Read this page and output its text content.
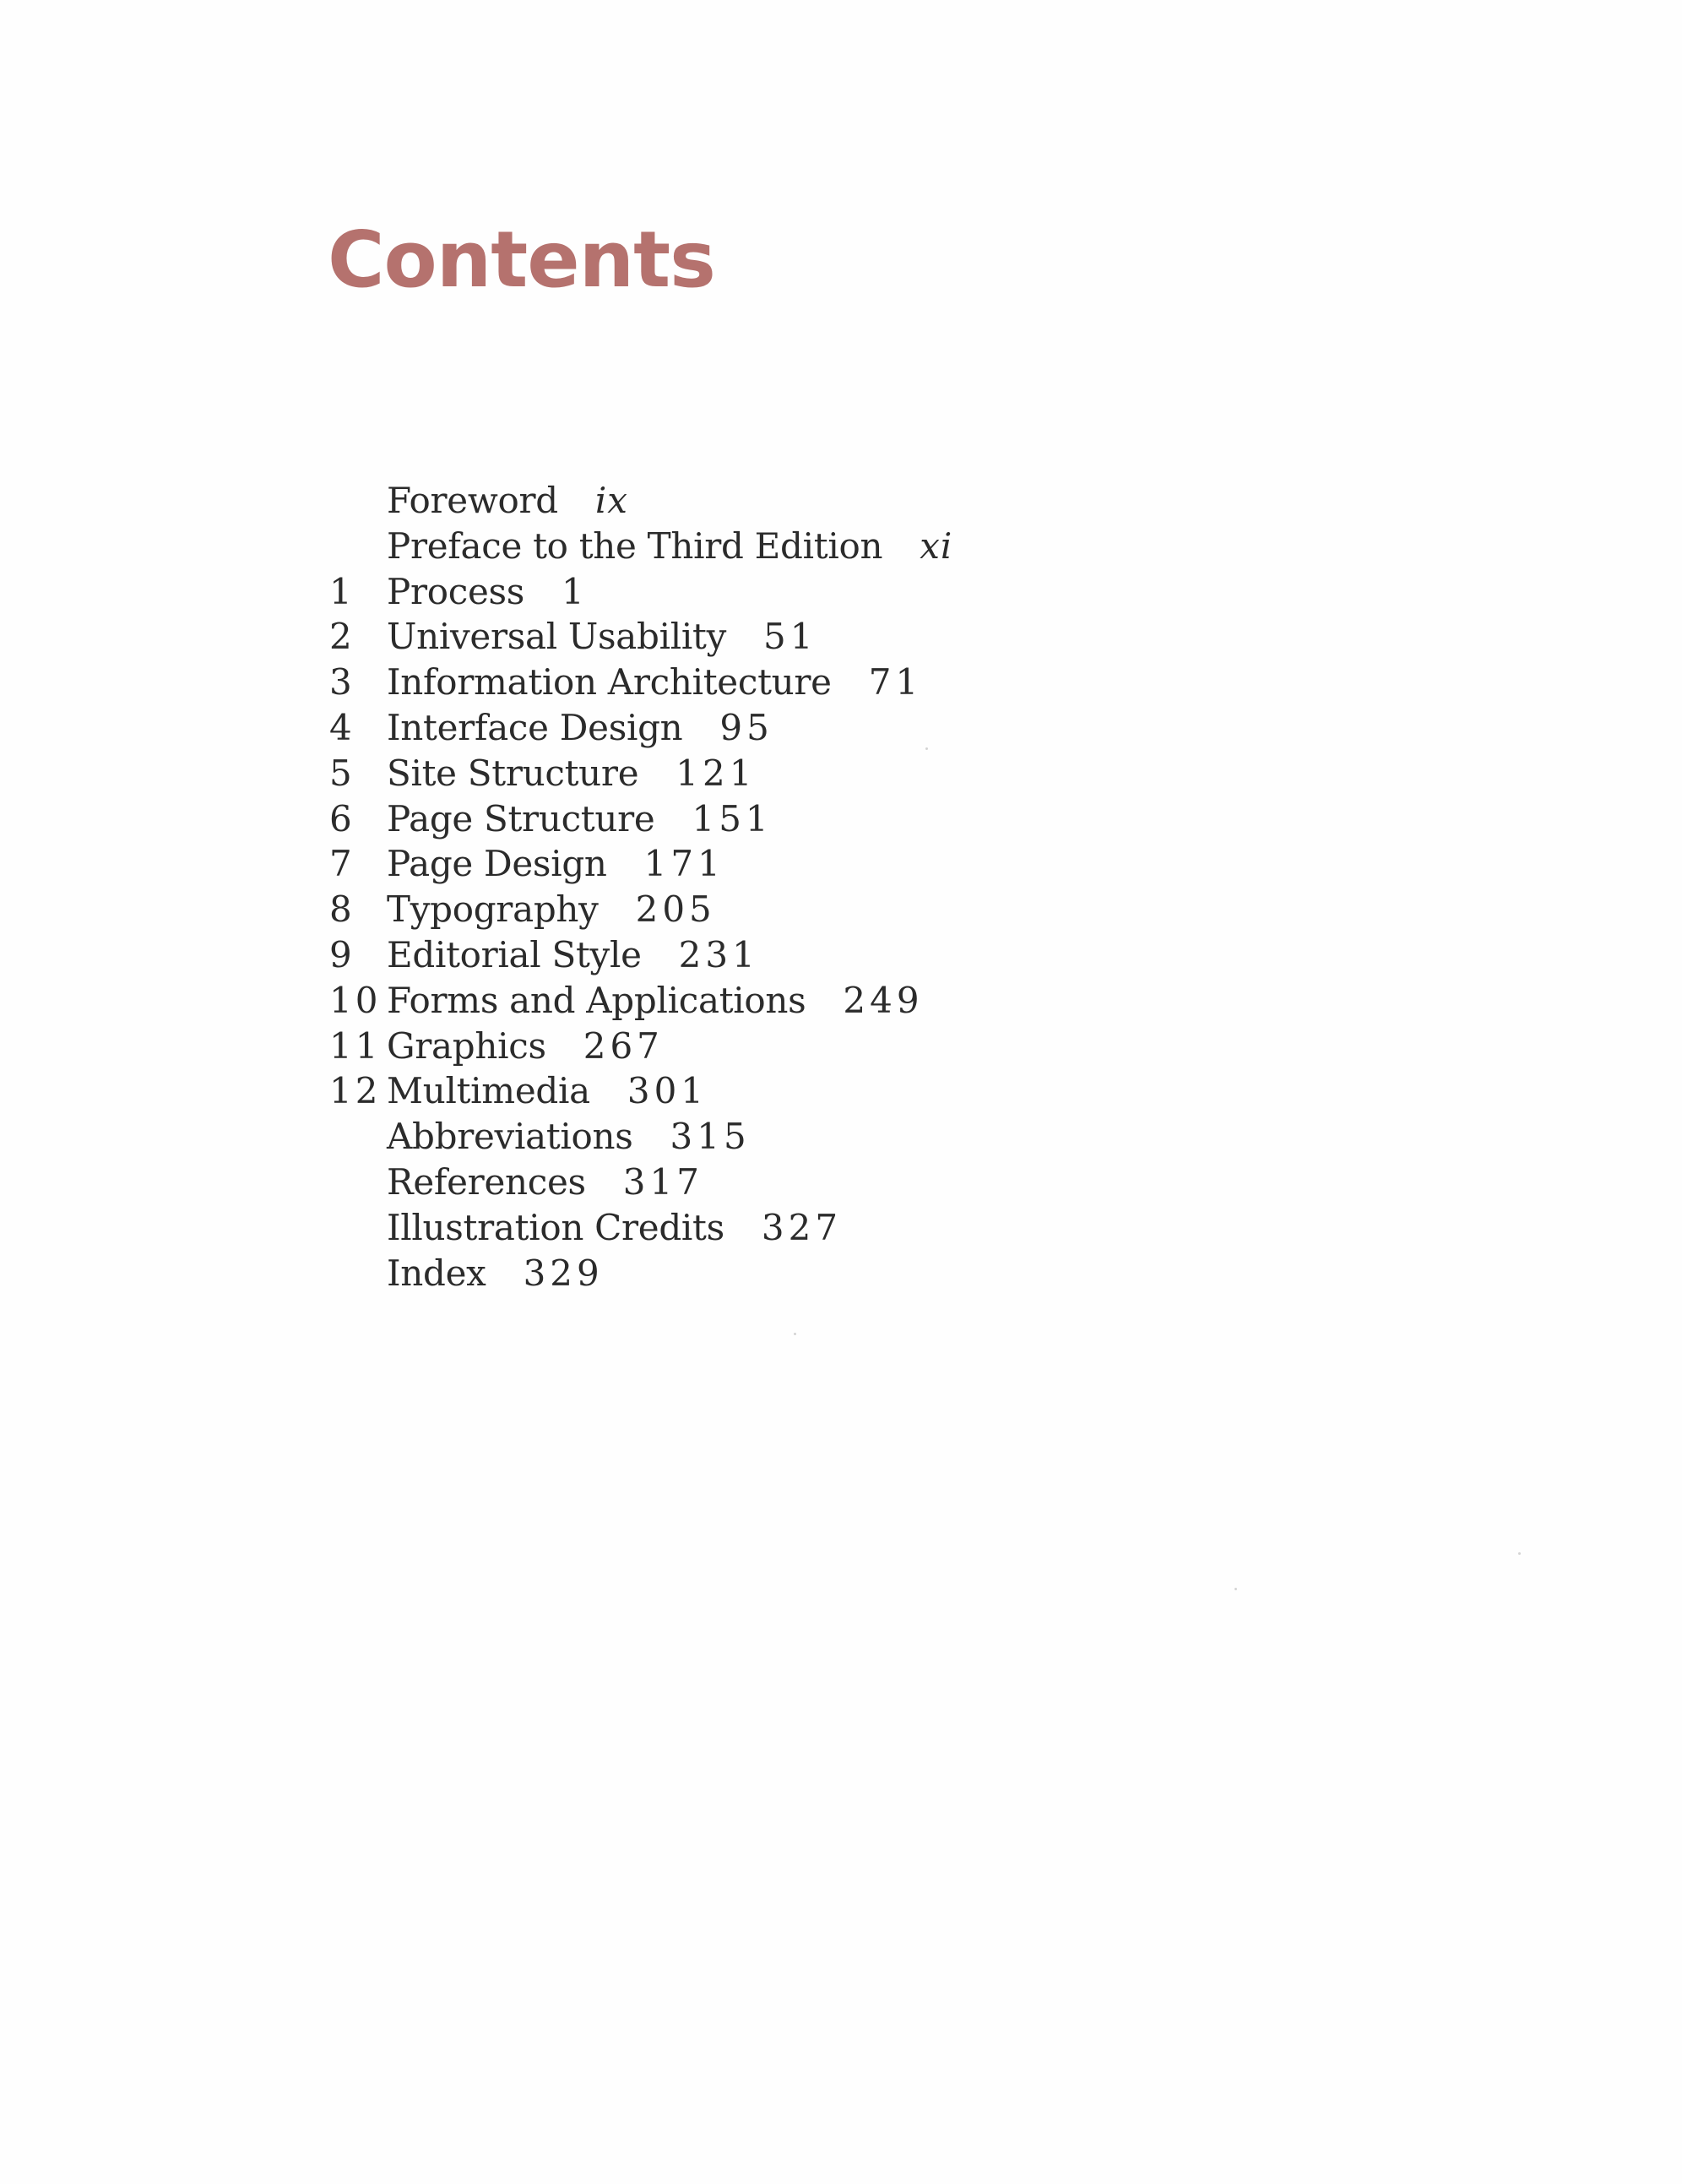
Contents
Foreword ix
Preface to the Third Edition xi
1 Process 1
2 Universal Usability 51
3 Information Architecture 71
4 Interface Design 95
5 Site Structure 121
6 Page Structure 151
7 Page Design 171
8 Typography 205
9 Editorial Style 231
10 Forms and Applications 249
11 Graphics 267
12 Multimedia 301
Abbreviations 315
References 317
Illustration Credits 327
Index 329
